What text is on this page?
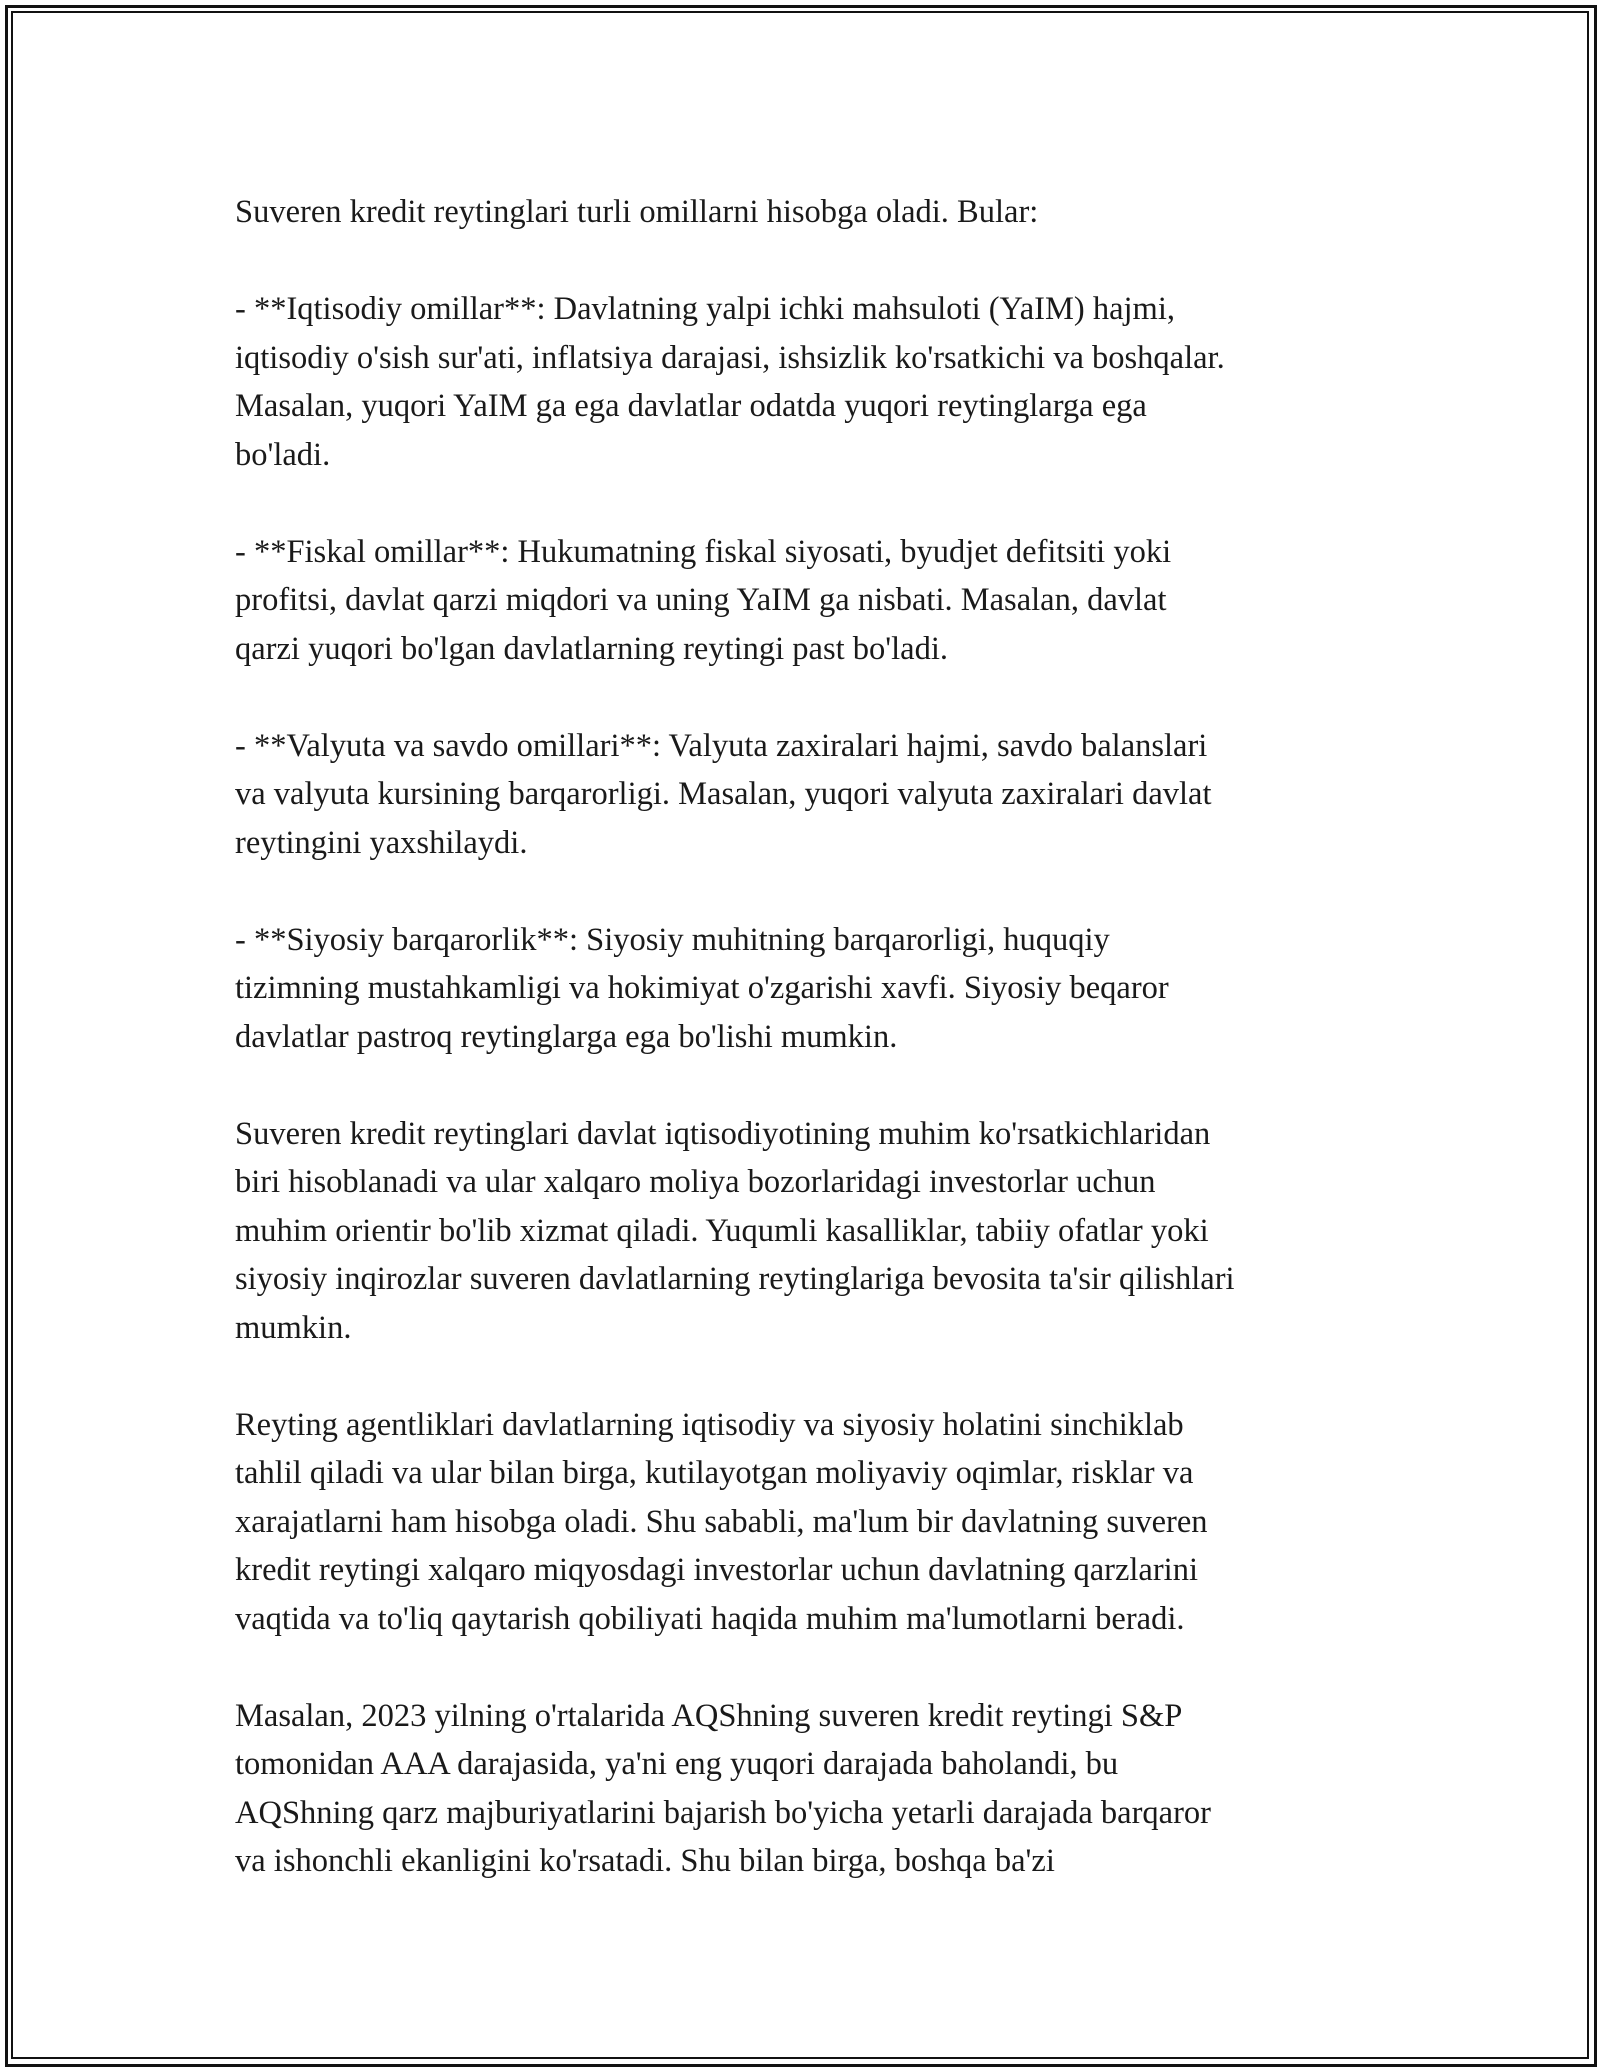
Suveren kredit reytinglari turli omillarni hisobga oladi. Bular:

- **Iqtisodiy omillar**: Davlatning yalpi ichki mahsuloti (YaIM) hajmi,
iqtisodiy o'sish sur'ati, inflatsiya darajasi, ishsizlik ko'rsatkichi va boshqalar.
Masalan, yuqori YaIM ga ega davlatlar odatda yuqori reytinglarga ega
bo'ladi.

- **Fiskal omillar**: Hukumatning fiskal siyosati, byudjet defitsiti yoki
profitsi, davlat qarzi miqdori va uning YaIM ga nisbati. Masalan, davlat
qarzi yuqori bo'lgan davlatlarning reytingi past bo'ladi.

- **Valyuta va savdo omillari**: Valyuta zaxiralari hajmi, savdo balanslari
va valyuta kursining barqarorligi. Masalan, yuqori valyuta zaxiralari davlat
reytingini yaxshilaydi.

- **Siyosiy barqarorlik**: Siyosiy muhitning barqarorligi, huquqiy
tizimning mustahkamligi va hokimiyat o'zgarishi xavfi. Siyosiy beqaror
davlatlar pastroq reytinglarga ega bo'lishi mumkin.

Suveren kredit reytinglari davlat iqtisodiyotining muhim ko'rsatkichlaridan
biri hisoblanadi va ular xalqaro moliya bozorlaridagi investorlar uchun
muhim orientir bo'lib xizmat qiladi. Yuqumli kasalliklar, tabiiy ofatlar yoki
siyosiy inqirozlar suveren davlatlarning reytinglariga bevosita ta'sir qilishlari
mumkin.

Reyting agentliklari davlatlarning iqtisodiy va siyosiy holatini sinchiklab
tahlil qiladi va ular bilan birga, kutilayotgan moliyaviy oqimlar, risklar va
xarajatlarni ham hisobga oladi. Shu sababli, ma'lum bir davlatning suveren
kredit reytingi xalqaro miqyosdagi investorlar uchun davlatning qarzlarini
vaqtida va to'liq qaytarish qobiliyati haqida muhim ma'lumotlarni beradi.

Masalan, 2023 yilning o'rtalarida AQShning suveren kredit reytingi S&P
tomonidan AAA darajasida, ya'ni eng yuqori darajada baholandi, bu
AQShning qarz majburiyatlarini bajarish bo'yicha yetarli darajada barqaror
va ishonchli ekanligini ko'rsatadi. Shu bilan birga, boshqa ba'zi
